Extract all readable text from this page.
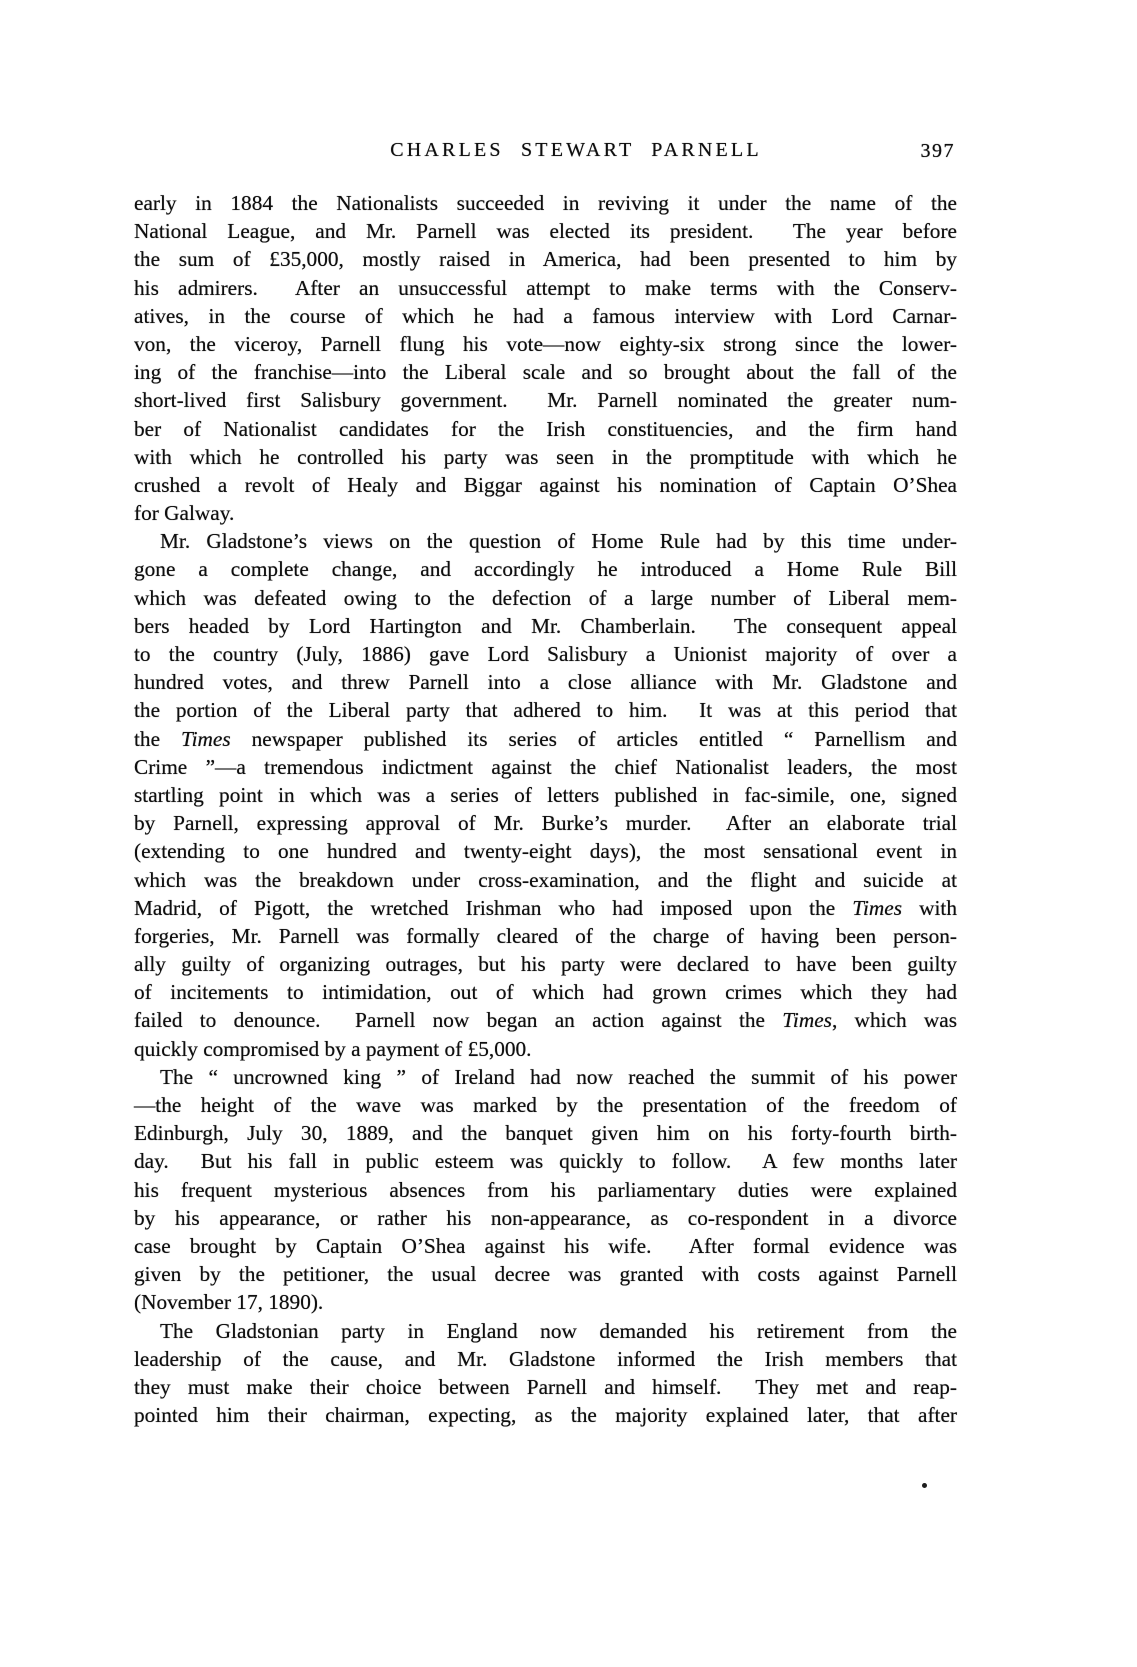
CHARLES STEWART PARNELL	397
early in 1884 the Nationalists succeeded in reviving it under the name of the
National League, and Mr. Parnell was elected its president.  The year before
the sum of £35,000, mostly raised in America, had been presented to him by
his admirers.  After an unsuccessful attempt to make terms with the Conserv-
atives, in the course of which he had a famous interview with Lord Carnar-
von, the viceroy, Parnell flung his vote—now eighty-six strong since the lower-
ing of the franchise—into the Liberal scale and so brought about the fall of the
short-lived first Salisbury government.  Mr. Parnell nominated the greater num-
ber of Nationalist candidates for the Irish constituencies, and the firm hand
with which he controlled his party was seen in the promptitude with which he
crushed a revolt of Healy and Biggar against his nomination of Captain O’Shea
for Galway.
Mr. Gladstone’s views on the question of Home Rule had by this time under-
gone a complete change, and accordingly he introduced a Home Rule Bill
which was defeated owing to the defection of a large number of Liberal mem-
bers headed by Lord Hartington and Mr. Chamberlain.  The consequent appeal
to the country (July, 1886) gave Lord Salisbury a Unionist majority of over a
hundred votes, and threw Parnell into a close alliance with Mr. Gladstone and
the portion of the Liberal party that adhered to him.  It was at this period that
the Times newspaper published its series of articles entitled “ Parnellism and
Crime ”—a tremendous indictment against the chief Nationalist leaders, the most
startling point in which was a series of letters published in fac-simile, one, signed
by Parnell, expressing approval of Mr. Burke’s murder.  After an elaborate trial
(extending to one hundred and twenty-eight days), the most sensational event in
which was the breakdown under cross-examination, and the flight and suicide at
Madrid, of Pigott, the wretched Irishman who had imposed upon the Times with
forgeries, Mr. Parnell was formally cleared of the charge of having been person-
ally guilty of organizing outrages, but his party were declared to have been guilty
of incitements to intimidation, out of which had grown crimes which they had
failed to denounce.  Parnell now began an action against the Times, which was
quickly compromised by a payment of £5,000.
The “ uncrowned king ” of Ireland had now reached the summit of his power
—the height of the wave was marked by the presentation of the freedom of
Edinburgh, July 30, 1889, and the banquet given him on his forty-fourth birth-
day.  But his fall in public esteem was quickly to follow.  A few months later
his frequent mysterious absences from his parliamentary duties were explained
by his appearance, or rather his non-appearance, as co-respondent in a divorce
case brought by Captain O’Shea against his wife.  After formal evidence was
given by the petitioner, the usual decree was granted with costs against Parnell
(November 17, 1890).
The Gladstonian party in England now demanded his retirement from the
leadership of the cause, and Mr. Gladstone informed the Irish members that
they must make their choice between Parnell and himself.  They met and reap-
pointed him their chairman, expecting, as the majority explained later, that after
